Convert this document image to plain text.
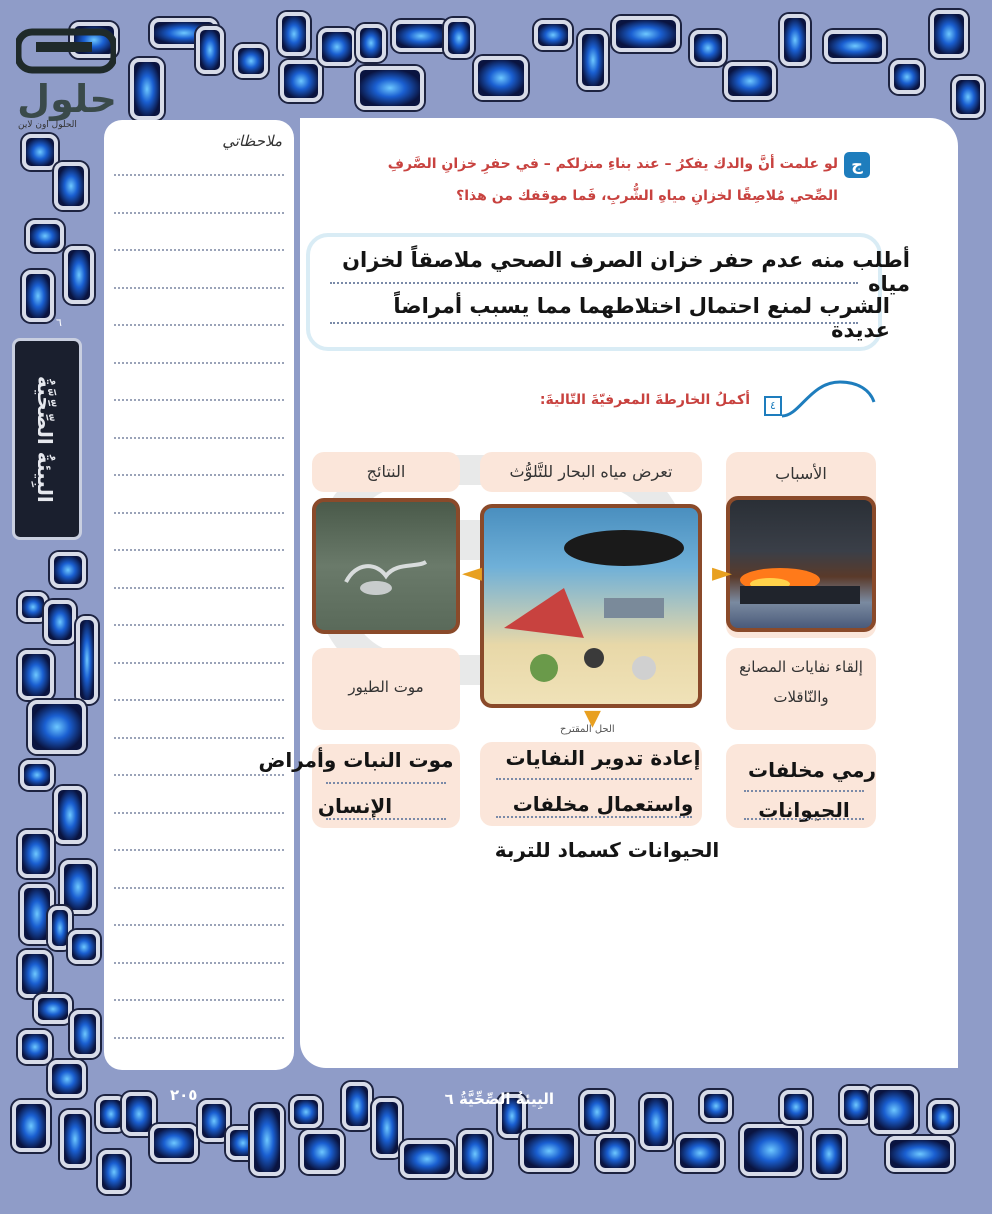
حلول
الحلول اون لاين
٦
البِيئةُ الصِّحِّيَّةُ
ملاحظاتي
ج
لو علمت أنَّ والدك يفكرُ – عند بناءِ منزلكم – في حفرِ خزانِ الصَّرفِ
الصِّحي مُلاصِقًا لخزانِ مياهِ الشُّربِ، فَما موقفك من هذا؟
أطلب منه عدم حفر خزان الصرف الصحي ملاصقاً لخزان مياه
الشرب لمنع احتمال اختلاطهما مما يسبب أمراضاً عديدة
٤
أكملُ الخارطةَ المعرفيّةَ التّاليةَ:
الأسباب
إلقاء نفايات المصانع
والنّاقلات
رمي مخلفات
الحيوانات
تعرض مياه البحار للتَّلوُّث
►
◄
▼
الحل المقترح
إعادة تدوير النفايات
واستعمال مخلفات
الحيوانات كسماد للتربة
النتائج
موت الطيور
موت النبات وأمراض
الإنسان
البِيئةُ الصِّحِّيَّةُ ٦
٢٠٥
